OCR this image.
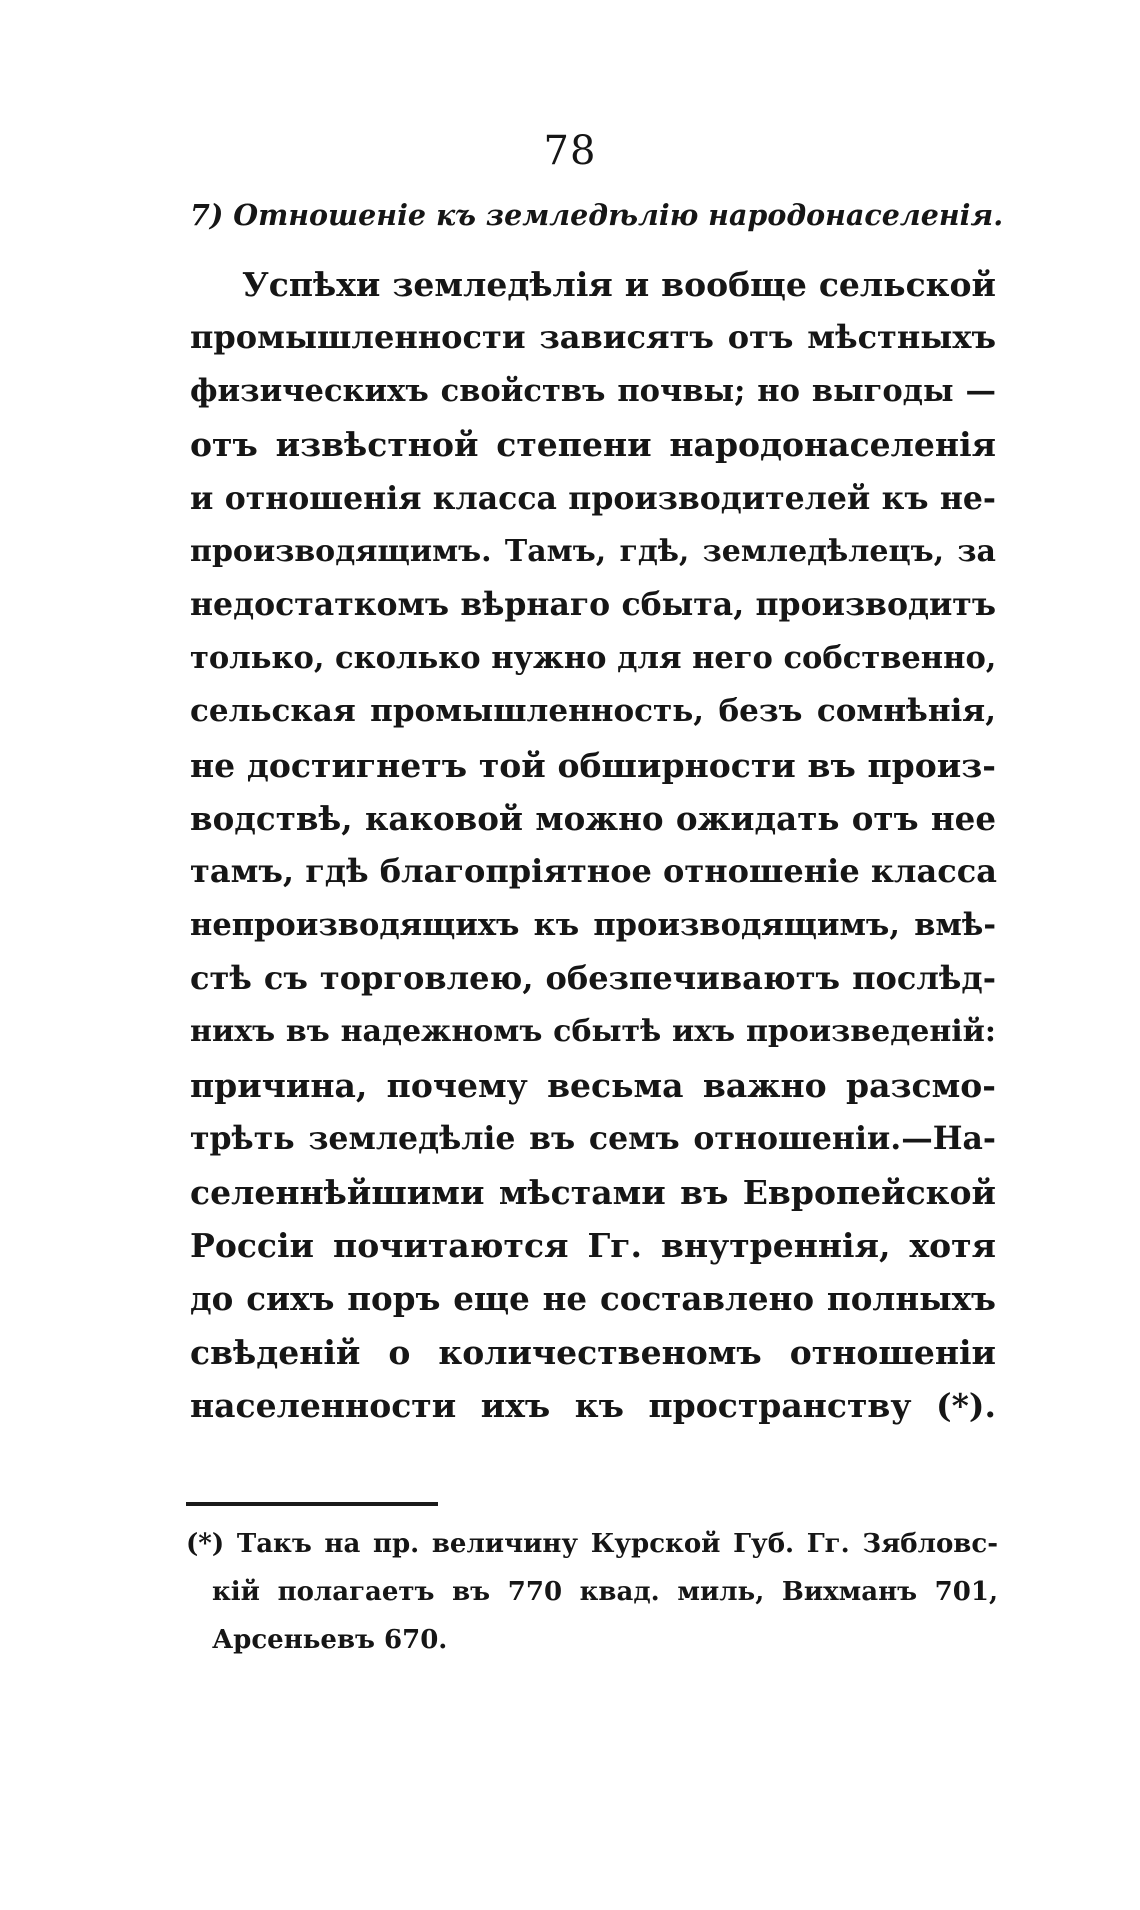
78
7) Отношеніе къ земледѣлію народонаселенія.
Успѣхи земледѣлія и вообще сельской
промышленности зависятъ отъ мѣстныхъ
физическихъ свойствъ почвы; но выгоды —
отъ извѣстной степени народонаселенія
и отношенія класса производителей къ не-
производящимъ. Тамъ, гдѣ, земледѣлецъ, за
недостаткомъ вѣрнаго сбыта, производитъ
только, сколько нужно для него собственно,
сельская промышленность, безъ сомнѣнія,
не достигнетъ той обширности въ произ-
водствѣ, каковой можно ожидать отъ нее
тамъ, гдѣ благопріятное отношеніе класса
непроизводящихъ къ производящимъ, вмѣ-
стѣ съ торговлею, обезпечиваютъ послѣд-
нихъ въ надежномъ сбытѣ ихъ произведеній:
причина, почему весьма важно разсмо-
трѣть земледѣліе въ семъ отношеніи.—На-
селеннѣйшими мѣстами въ Европейской
Россіи почитаются Гг. внутреннія, хотя
до сихъ поръ еще не составлено полныхъ
свѣденій о количественомъ отношеніи
населенности ихъ къ пространству (*).
(*) Такъ на пр. величину Курской Губ. Гг. Зябловс-
кій полагаетъ въ 770 квад. миль, Вихманъ 701,
Арсеньевъ 670.
